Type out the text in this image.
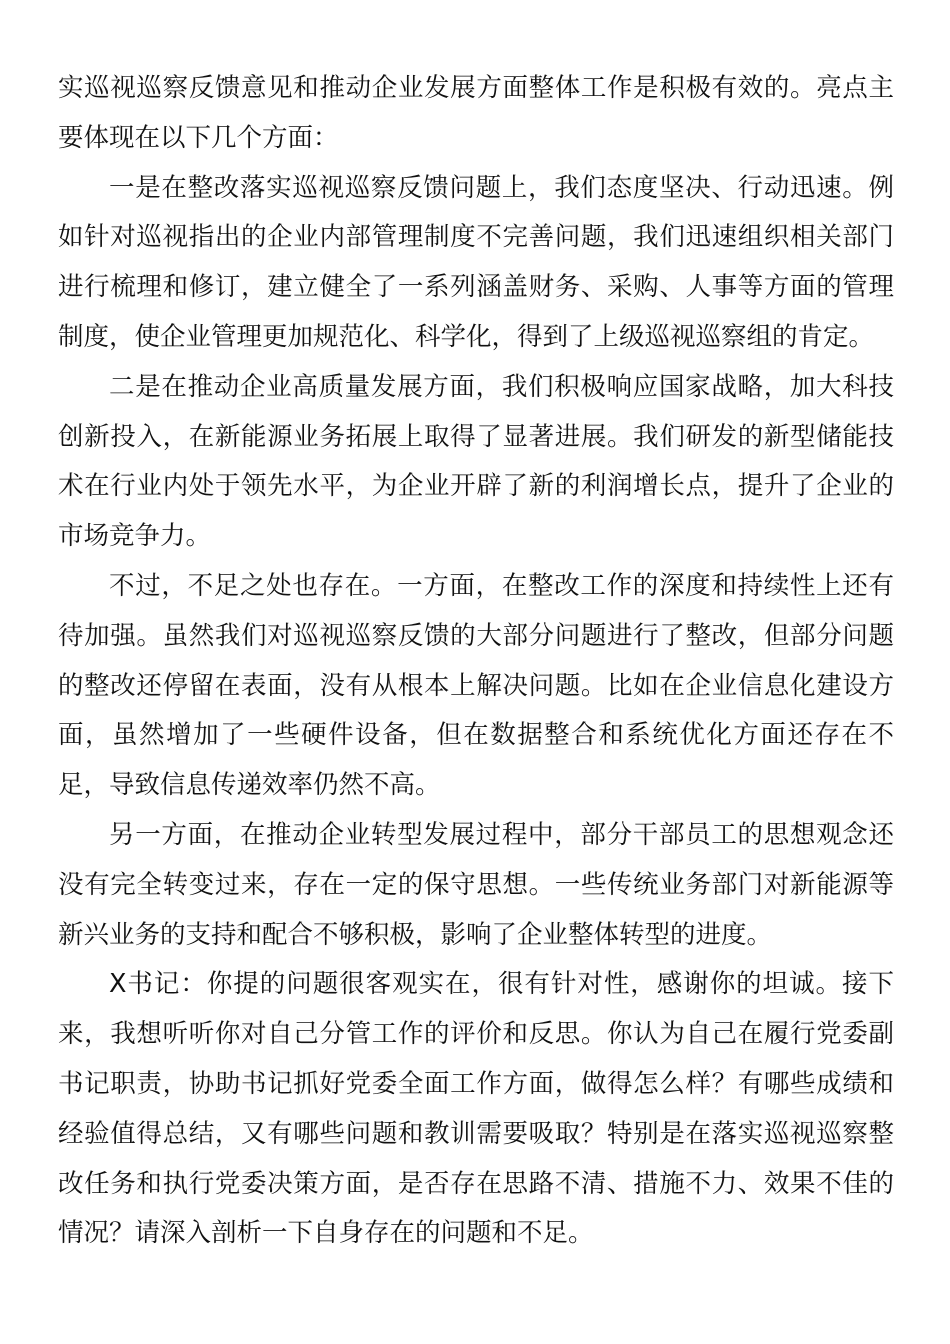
实巡视巡察反馈意见和推动企业发展方面整体工作是积极有效的。亮点主要体现在以下几个方面：

一是在整改落实巡视巡察反馈问题上，我们态度坚决、行动迅速。例如针对巡视指出的企业内部管理制度不完善问题，我们迅速组织相关部门进行梳理和修订，建立健全了一系列涵盖财务、采购、人事等方面的管理制度，使企业管理更加规范化、科学化，得到了上级巡视巡察组的肯定。

二是在推动企业高质量发展方面，我们积极响应国家战略，加大科技创新投入，在新能源业务拓展上取得了显著进展。我们研发的新型储能技术在行业内处于领先水平，为企业开辟了新的利润增长点，提升了企业的市场竞争力。

不过，不足之处也存在。一方面，在整改工作的深度和持续性上还有待加强。虽然我们对巡视巡察反馈的大部分问题进行了整改，但部分问题的整改还停留在表面，没有从根本上解决问题。比如在企业信息化建设方面，虽然增加了一些硬件设备，但在数据整合和系统优化方面还存在不足，导致信息传递效率仍然不高。

另一方面，在推动企业转型发展过程中，部分干部员工的思想观念还没有完全转变过来，存在一定的保守思想。一些传统业务部门对新能源等新兴业务的支持和配合不够积极，影响了企业整体转型的进度。

X书记：你提的问题很客观实在，很有针对性，感谢你的坦诚。接下来，我想听听你对自己分管工作的评价和反思。你认为自己在履行党委副书记职责，协助书记抓好党委全面工作方面，做得怎么样？有哪些成绩和经验值得总结，又有哪些问题和教训需要吸取？特别是在落实巡视巡察整改任务和执行党委决策方面，是否存在思路不清、措施不力、效果不佳的情况？请深入剖析一下自身存在的问题和不足。
